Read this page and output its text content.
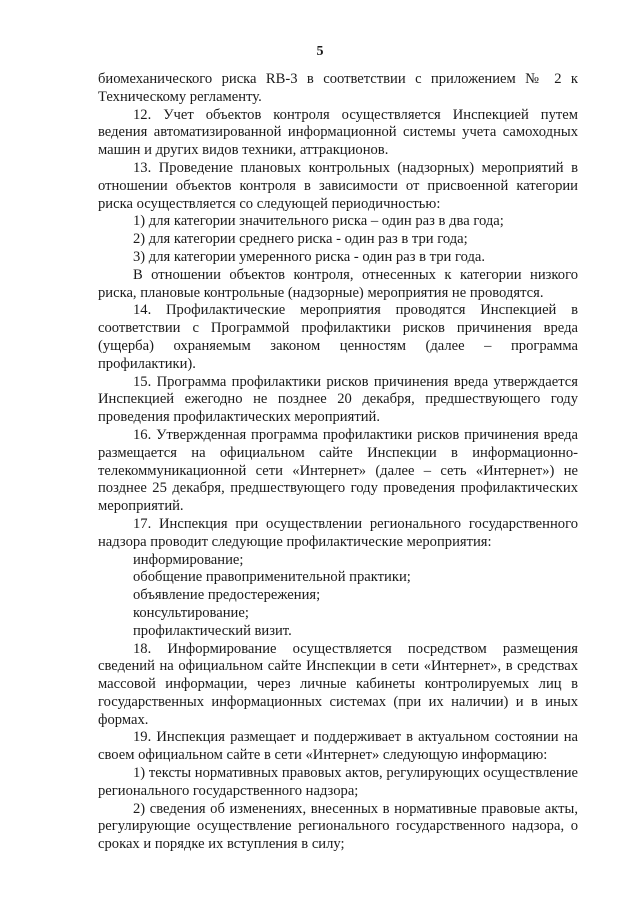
5

биомеханического риска RB-3 в соответствии с приложением № 2 к Техническому регламенту.

12. Учет объектов контроля осуществляется Инспекцией путем ведения автоматизированной информационной системы учета самоходных машин и других видов техники, аттракционов.

13. Проведение плановых контрольных (надзорных) мероприятий в отношении объектов контроля в зависимости от присвоенной категории риска осуществляется со следующей периодичностью:

1) для категории значительного риска – один раз в два года;

2) для категории среднего риска - один раз в три года;

3) для категории умеренного риска - один раз в три года.

В отношении объектов контроля, отнесенных к категории низкого риска, плановые контрольные (надзорные) мероприятия не проводятся.

14. Профилактические мероприятия проводятся Инспекцией в соответствии с Программой профилактики рисков причинения вреда (ущерба) охраняемым законом ценностям (далее – программа профилактики).

15. Программа профилактики рисков причинения вреда утверждается Инспекцией ежегодно не позднее 20 декабря, предшествующего году проведения профилактических мероприятий.

16. Утвержденная программа профилактики рисков причинения вреда размещается на официальном сайте Инспекции в информационно-телекоммуникационной сети «Интернет» (далее – сеть «Интернет») не позднее 25 декабря, предшествующего году проведения профилактических мероприятий.

17. Инспекция при осуществлении регионального государственного надзора проводит следующие профилактические мероприятия:

информирование;

обобщение правоприменительной практики;

объявление предостережения;

консультирование;

профилактический визит.

18. Информирование осуществляется посредством размещения сведений на официальном сайте Инспекции в сети «Интернет», в средствах массовой информации, через личные кабинеты контролируемых лиц в государственных информационных системах (при их наличии) и в иных формах.

19. Инспекция размещает и поддерживает в актуальном состоянии на своем официальном сайте в сети «Интернет» следующую информацию:

1) тексты нормативных правовых актов, регулирующих осуществление регионального государственного надзора;

2) сведения об изменениях, внесенных в нормативные правовые акты, регулирующие осуществление регионального государственного надзора, о сроках и порядке их вступления в силу;
